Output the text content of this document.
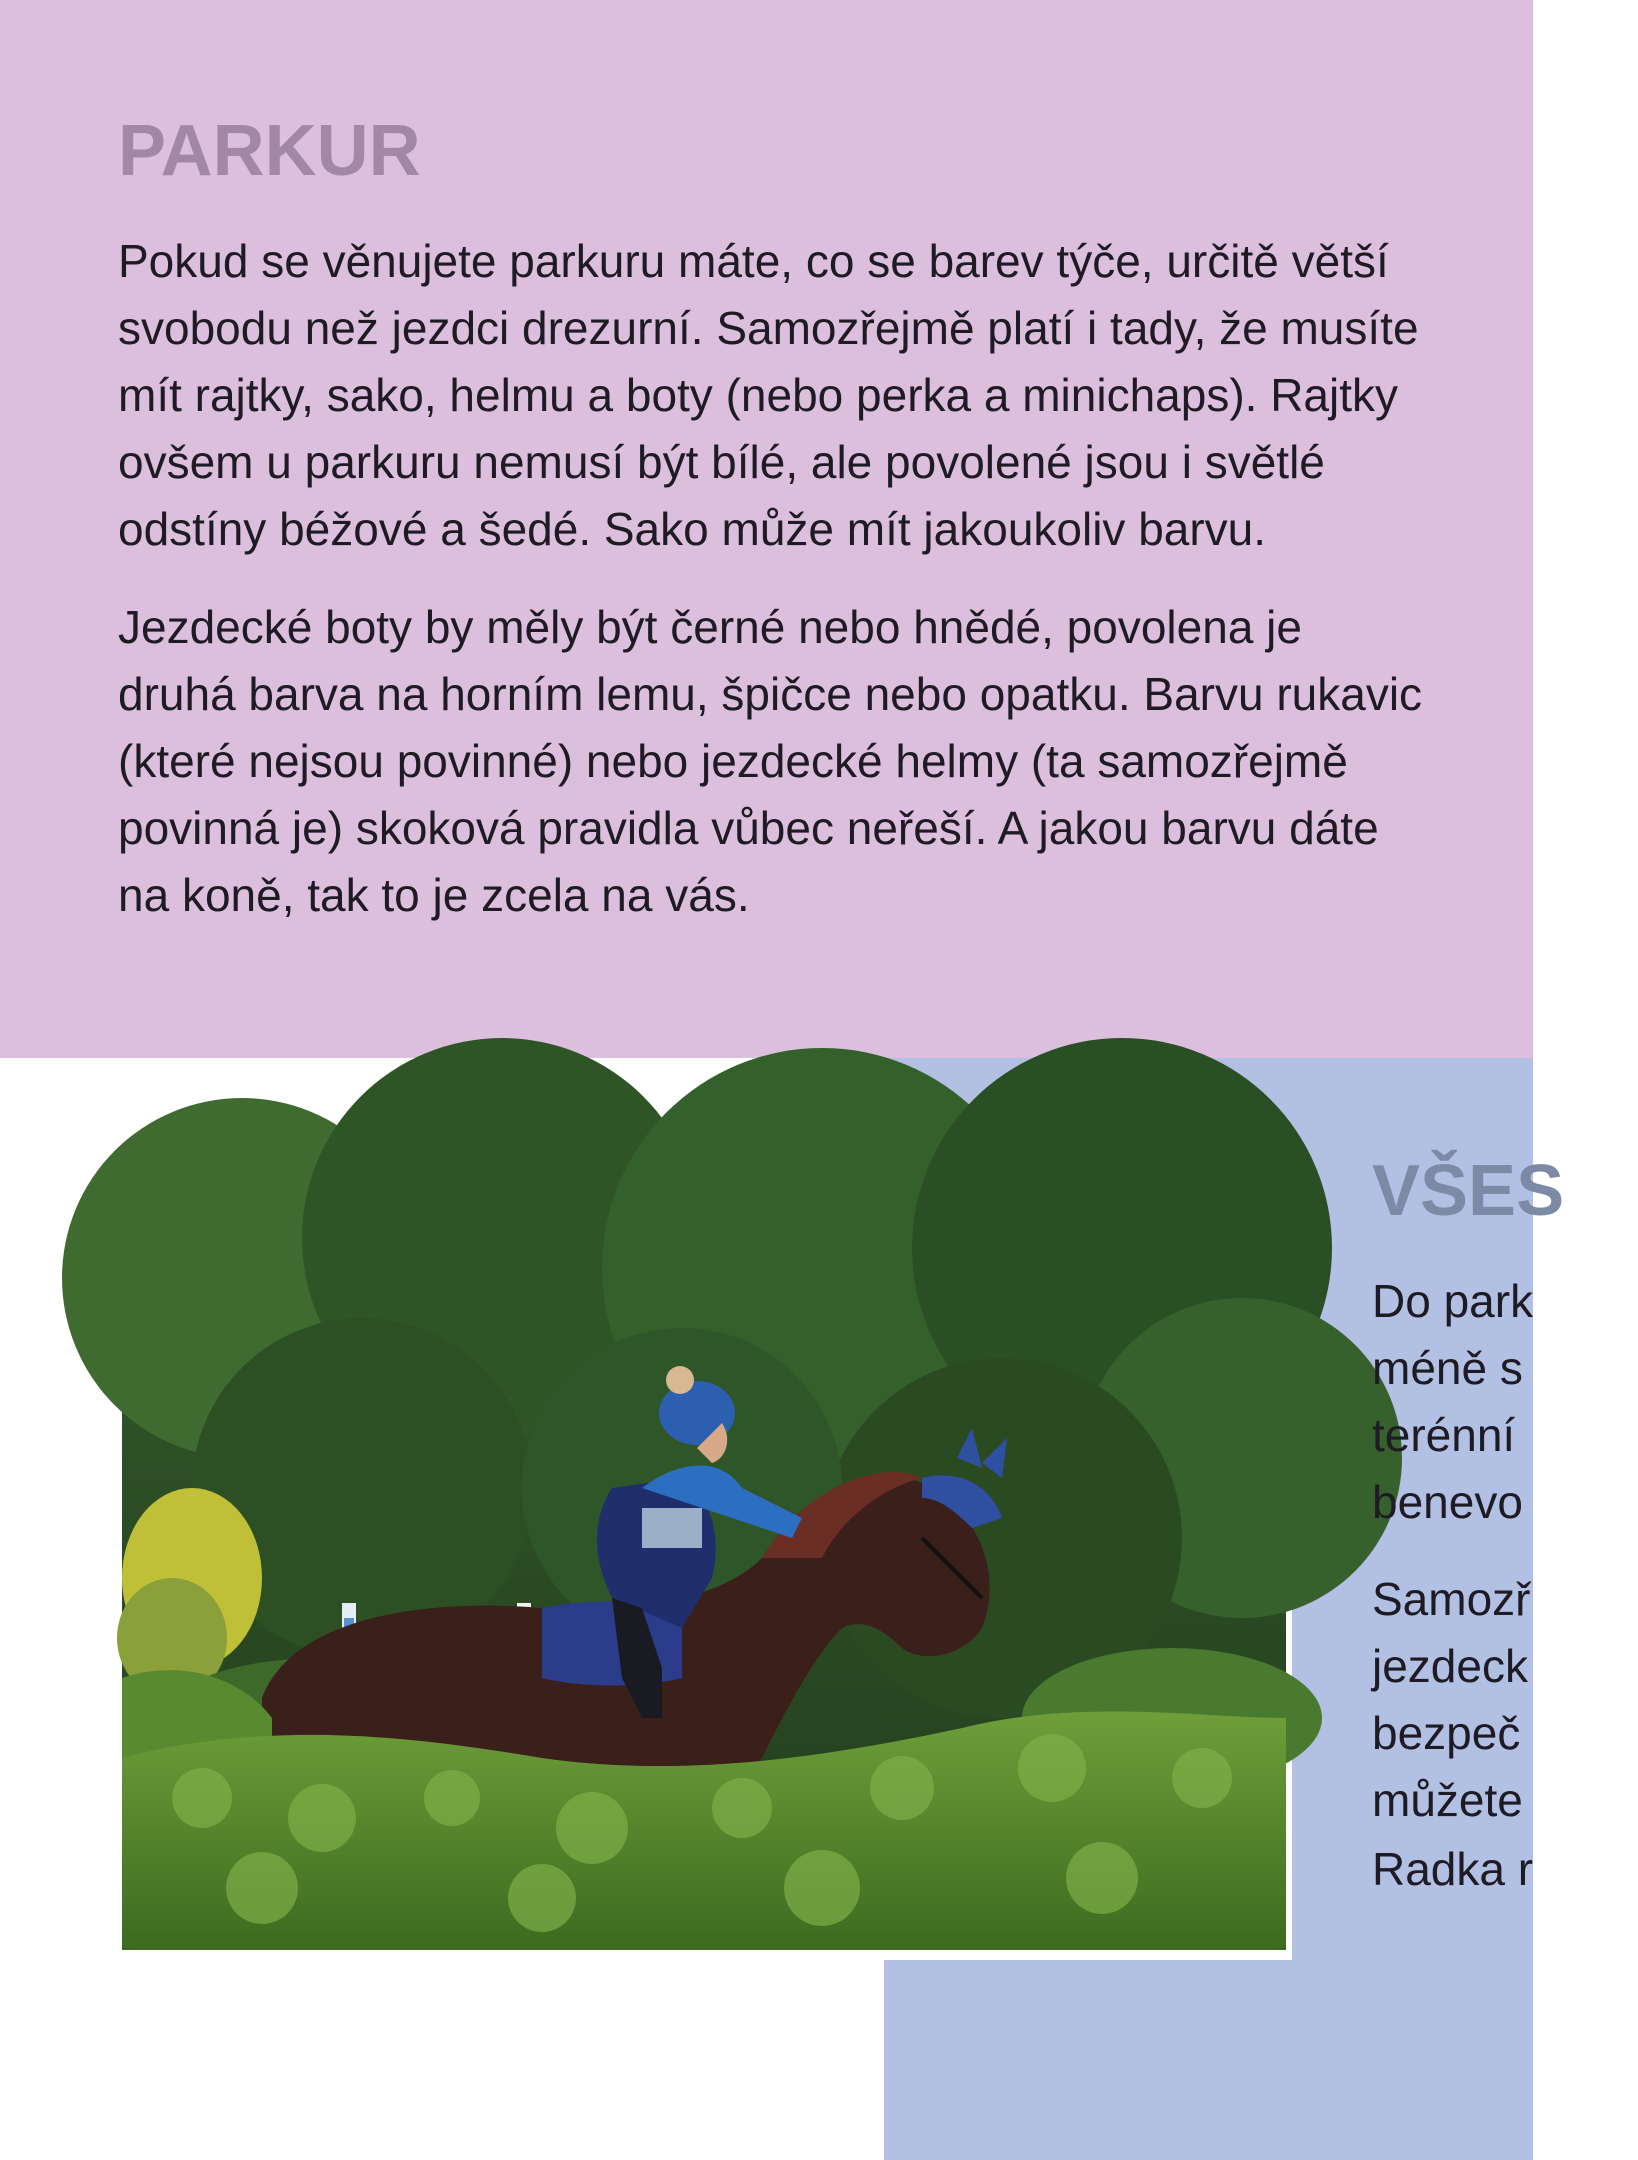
PARKUR

Pokud se věnujete parkuru máte, co se barev týče, určitě větší
svobodu než jezdci drezurní. Samozřejmě platí i tady, že musíte
mít rajtky, sako, helmu a boty (nebo perka a minichaps). Rajtky
ovšem u parkuru nemusí být bílé, ale povolené jsou i světlé
odstíny béžové a šedé. Sako může mít jakoukoliv barvu.

Jezdecké boty by měly být černé nebo hnědé, povolena je
druhá barva na horním lemu, špičce nebo opatku. Barvu rukavic
(které nejsou povinné) nebo jezdecké helmy (ta samozřejmě
povinná je) skoková pravidla vůbec neřeší. A jakou barvu dáte
na koně, tak to je zcela na vás.

VŠES

Do park
méně s
terénní
benevo

Samozř
jezdeck
bezpeč
můžete

Radka r
